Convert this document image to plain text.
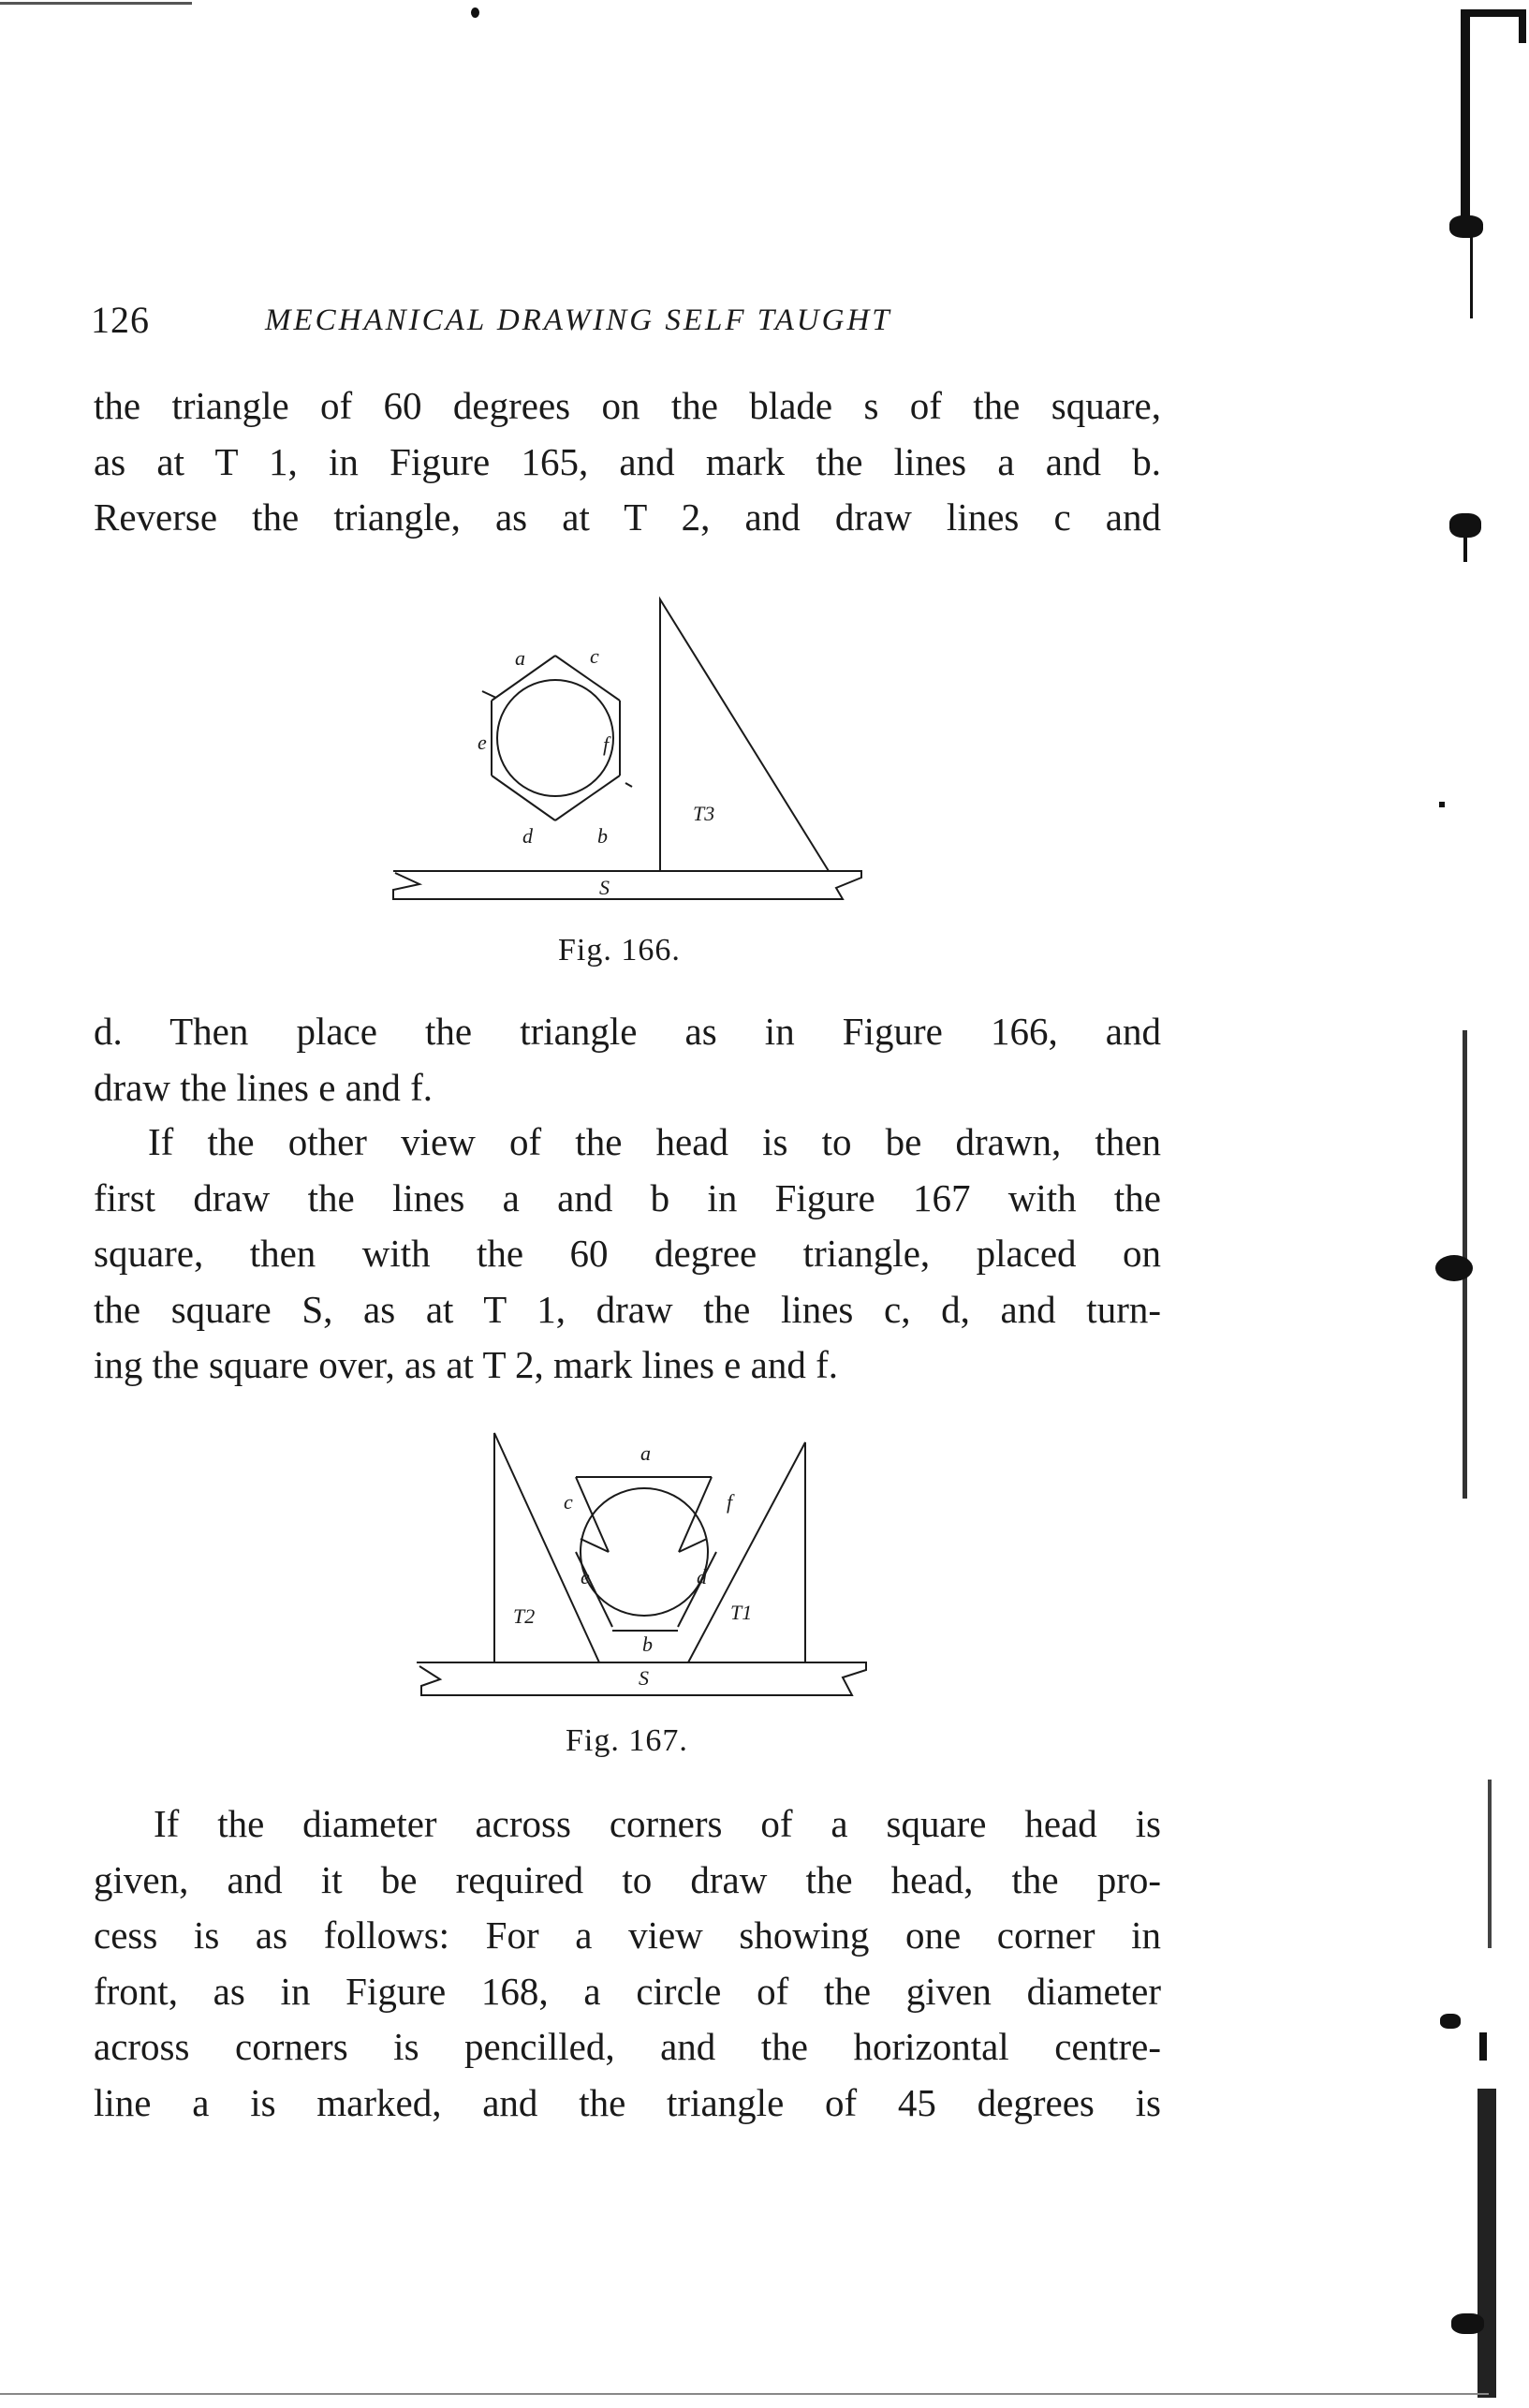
126	MECHANICAL DRAWING SELF TAUGHT
the triangle of 60 degrees on the blade s of the square,
as at T 1, in Figure 165, and mark the lines a and b.
Reverse the triangle, as at T 2, and draw lines c and
a	c
e	f
d	b
T3
S
Fig. 166.
d. Then place the triangle as in Figure 166, and
draw the lines e and f.
If the other view of the head is to be drawn, then
first draw the lines a and b in Figure 167 with the
square, then with the 60 degree triangle, placed on
the square S, as at T 1, draw the lines c, d, and turn-
ing the square over, as at T 2, mark lines e and f.
a
c	f
e	d
T2	T1
b
S
Fig. 167.
If the diameter across corners of a square head is
given, and it be required to draw the head, the pro-
cess is as follows: For a view showing one corner in
front, as in Figure 168, a circle of the given diameter
across corners is pencilled, and the horizontal centre-
line a is marked, and the triangle of 45 degrees is
